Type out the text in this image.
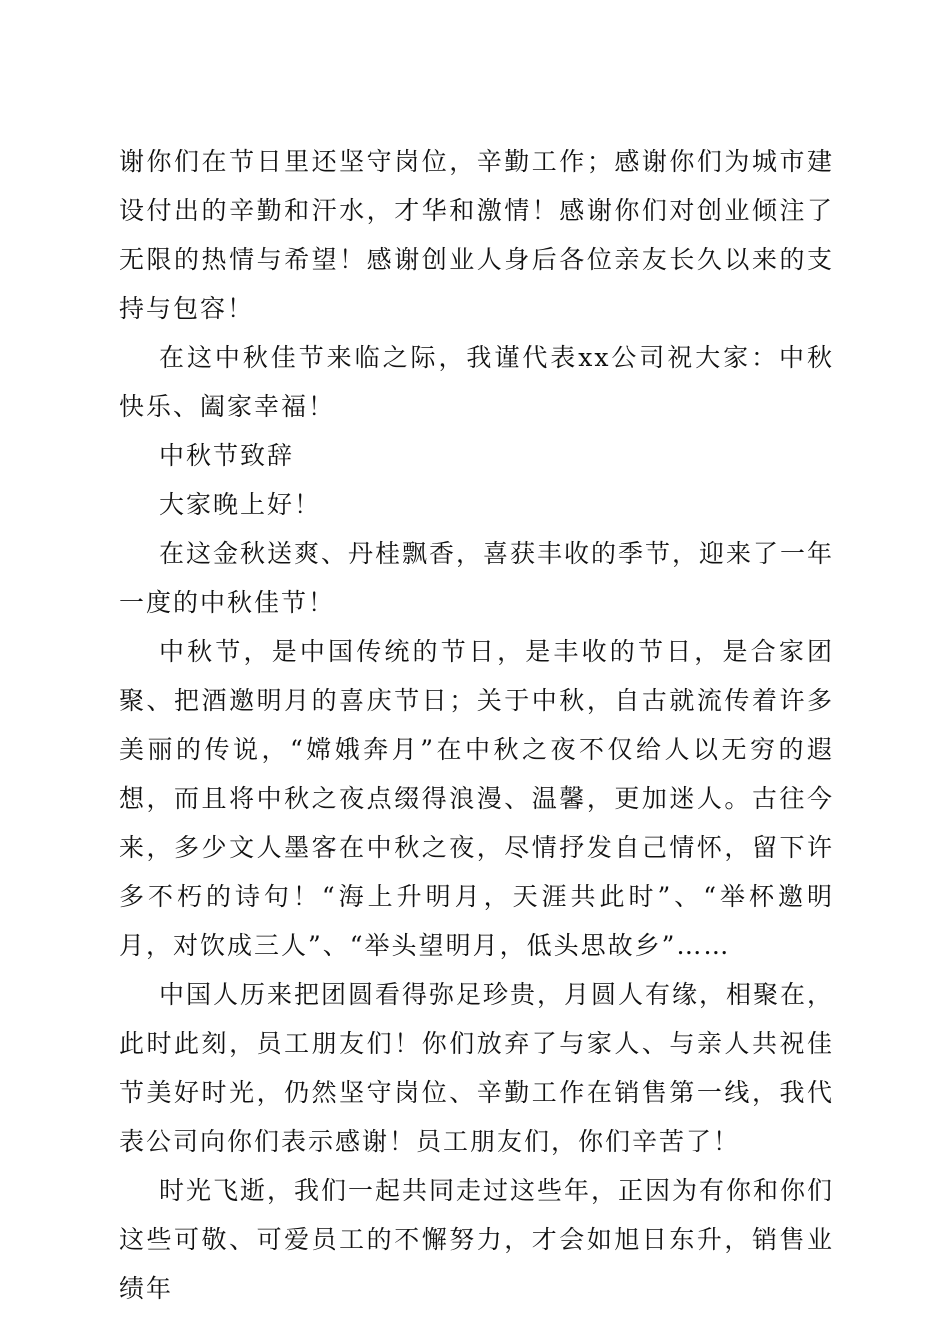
谢你们在节日里还坚守岗位，辛勤工作；感谢你们为城市建设付出的辛勤和汗水，才华和激情！感谢你们对创业倾注了无限的热情与希望！感谢创业人身后各位亲友长久以来的支持与包容！

在这中秋佳节来临之际，我谨代表xx公司祝大家：中秋快乐、阖家幸福！

中秋节致辞

大家晚上好！

在这金秋送爽、丹桂飘香，喜获丰收的季节，迎来了一年一度的中秋佳节！

中秋节，是中国传统的节日，是丰收的节日，是合家团聚、把酒邀明月的喜庆节日；关于中秋，自古就流传着许多美丽的传说，“嫦娥奔月”在中秋之夜不仅给人以无穷的遐想，而且将中秋之夜点缀得浪漫、温馨，更加迷人。古往今来，多少文人墨客在中秋之夜，尽情抒发自己情怀，留下许多不朽的诗句！“海上升明月，天涯共此时”、“举杯邀明月，对饮成三人”、“举头望明月，低头思故乡”……

中国人历来把团圆看得弥足珍贵，月圆人有缘，相聚在，此时此刻，员工朋友们！你们放弃了与家人、与亲人共祝佳节美好时光，仍然坚守岗位、辛勤工作在销售第一线，我代表公司向你们表示感谢！员工朋友们，你们辛苦了！

时光飞逝，我们一起共同走过这些年，正因为有你和你们这些可敬、可爱员工的不懈努力，才会如旭日东升，销售业绩年
